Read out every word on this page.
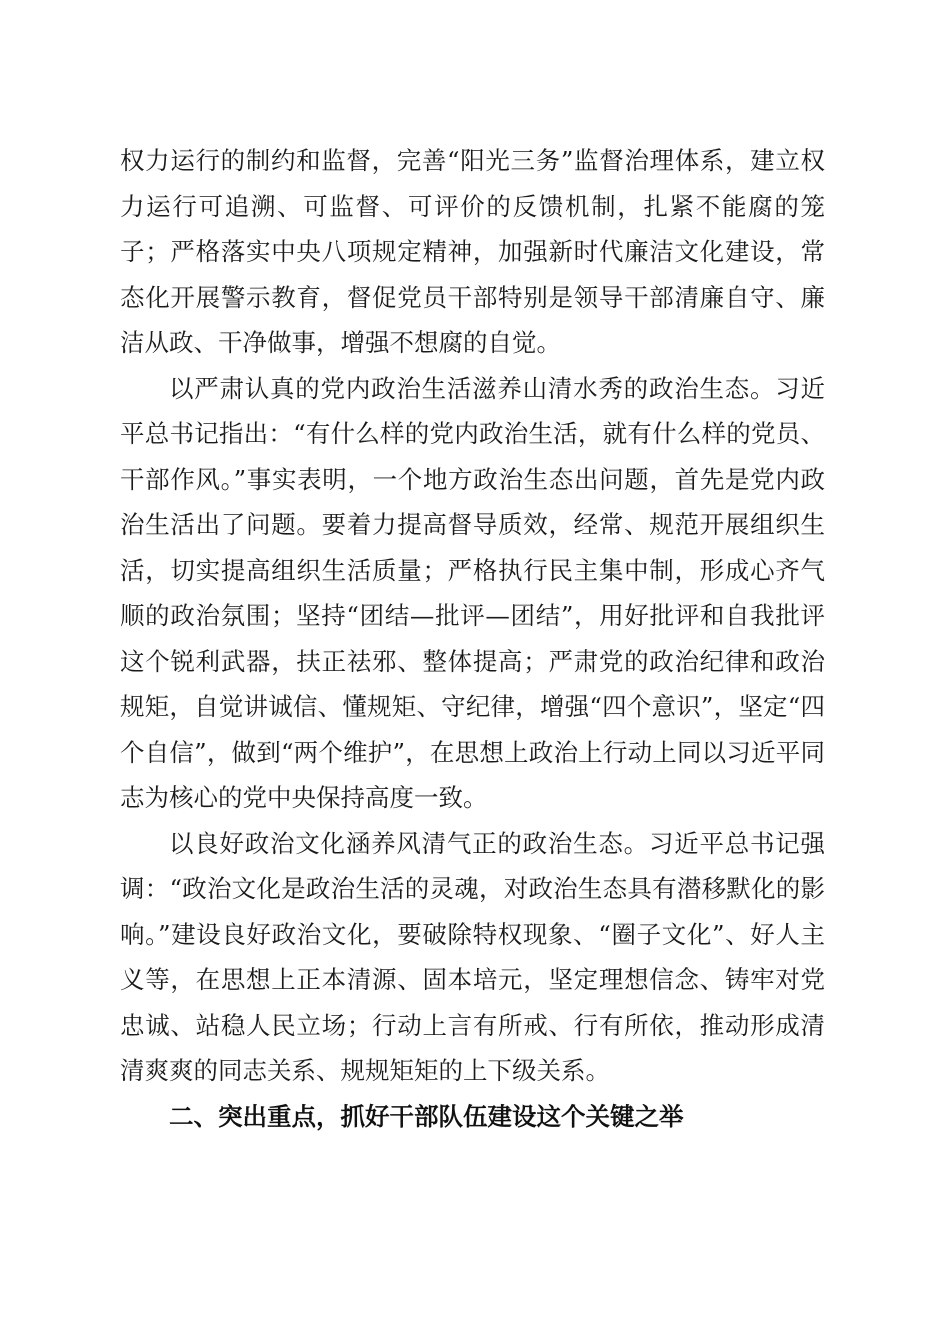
权力运行的制约和监督，完善“阳光三务”监督治理体系，建立权力运行可追溯、可监督、可评价的反馈机制，扎紧不能腐的笼子；严格落实中央八项规定精神，加强新时代廉洁文化建设，常态化开展警示教育，督促党员干部特别是领导干部清廉自守、廉洁从政、干净做事，增强不想腐的自觉。

以严肃认真的党内政治生活滋养山清水秀的政治生态。习近平总书记指出：“有什么样的党内政治生活，就有什么样的党员、干部作风。”事实表明，一个地方政治生态出问题，首先是党内政治生活出了问题。要着力提高督导质效，经常、规范开展组织生活，切实提高组织生活质量；严格执行民主集中制，形成心齐气顺的政治氛围；坚持“团结—批评—团结”，用好批评和自我批评这个锐利武器，扶正祛邪、整体提高；严肃党的政治纪律和政治规矩，自觉讲诚信、懂规矩、守纪律，增强“四个意识”，坚定“四个自信”，做到“两个维护”，在思想上政治上行动上同以习近平同志为核心的党中央保持高度一致。

以良好政治文化涵养风清气正的政治生态。习近平总书记强调：“政治文化是政治生活的灵魂，对政治生态具有潜移默化的影响。”建设良好政治文化，要破除特权现象、“圈子文化”、好人主义等，在思想上正本清源、固本培元，坚定理想信念、铸牢对党忠诚、站稳人民立场；行动上言有所戒、行有所依，推动形成清清爽爽的同志关系、规规矩矩的上下级关系。

二、突出重点，抓好干部队伍建设这个关键之举
